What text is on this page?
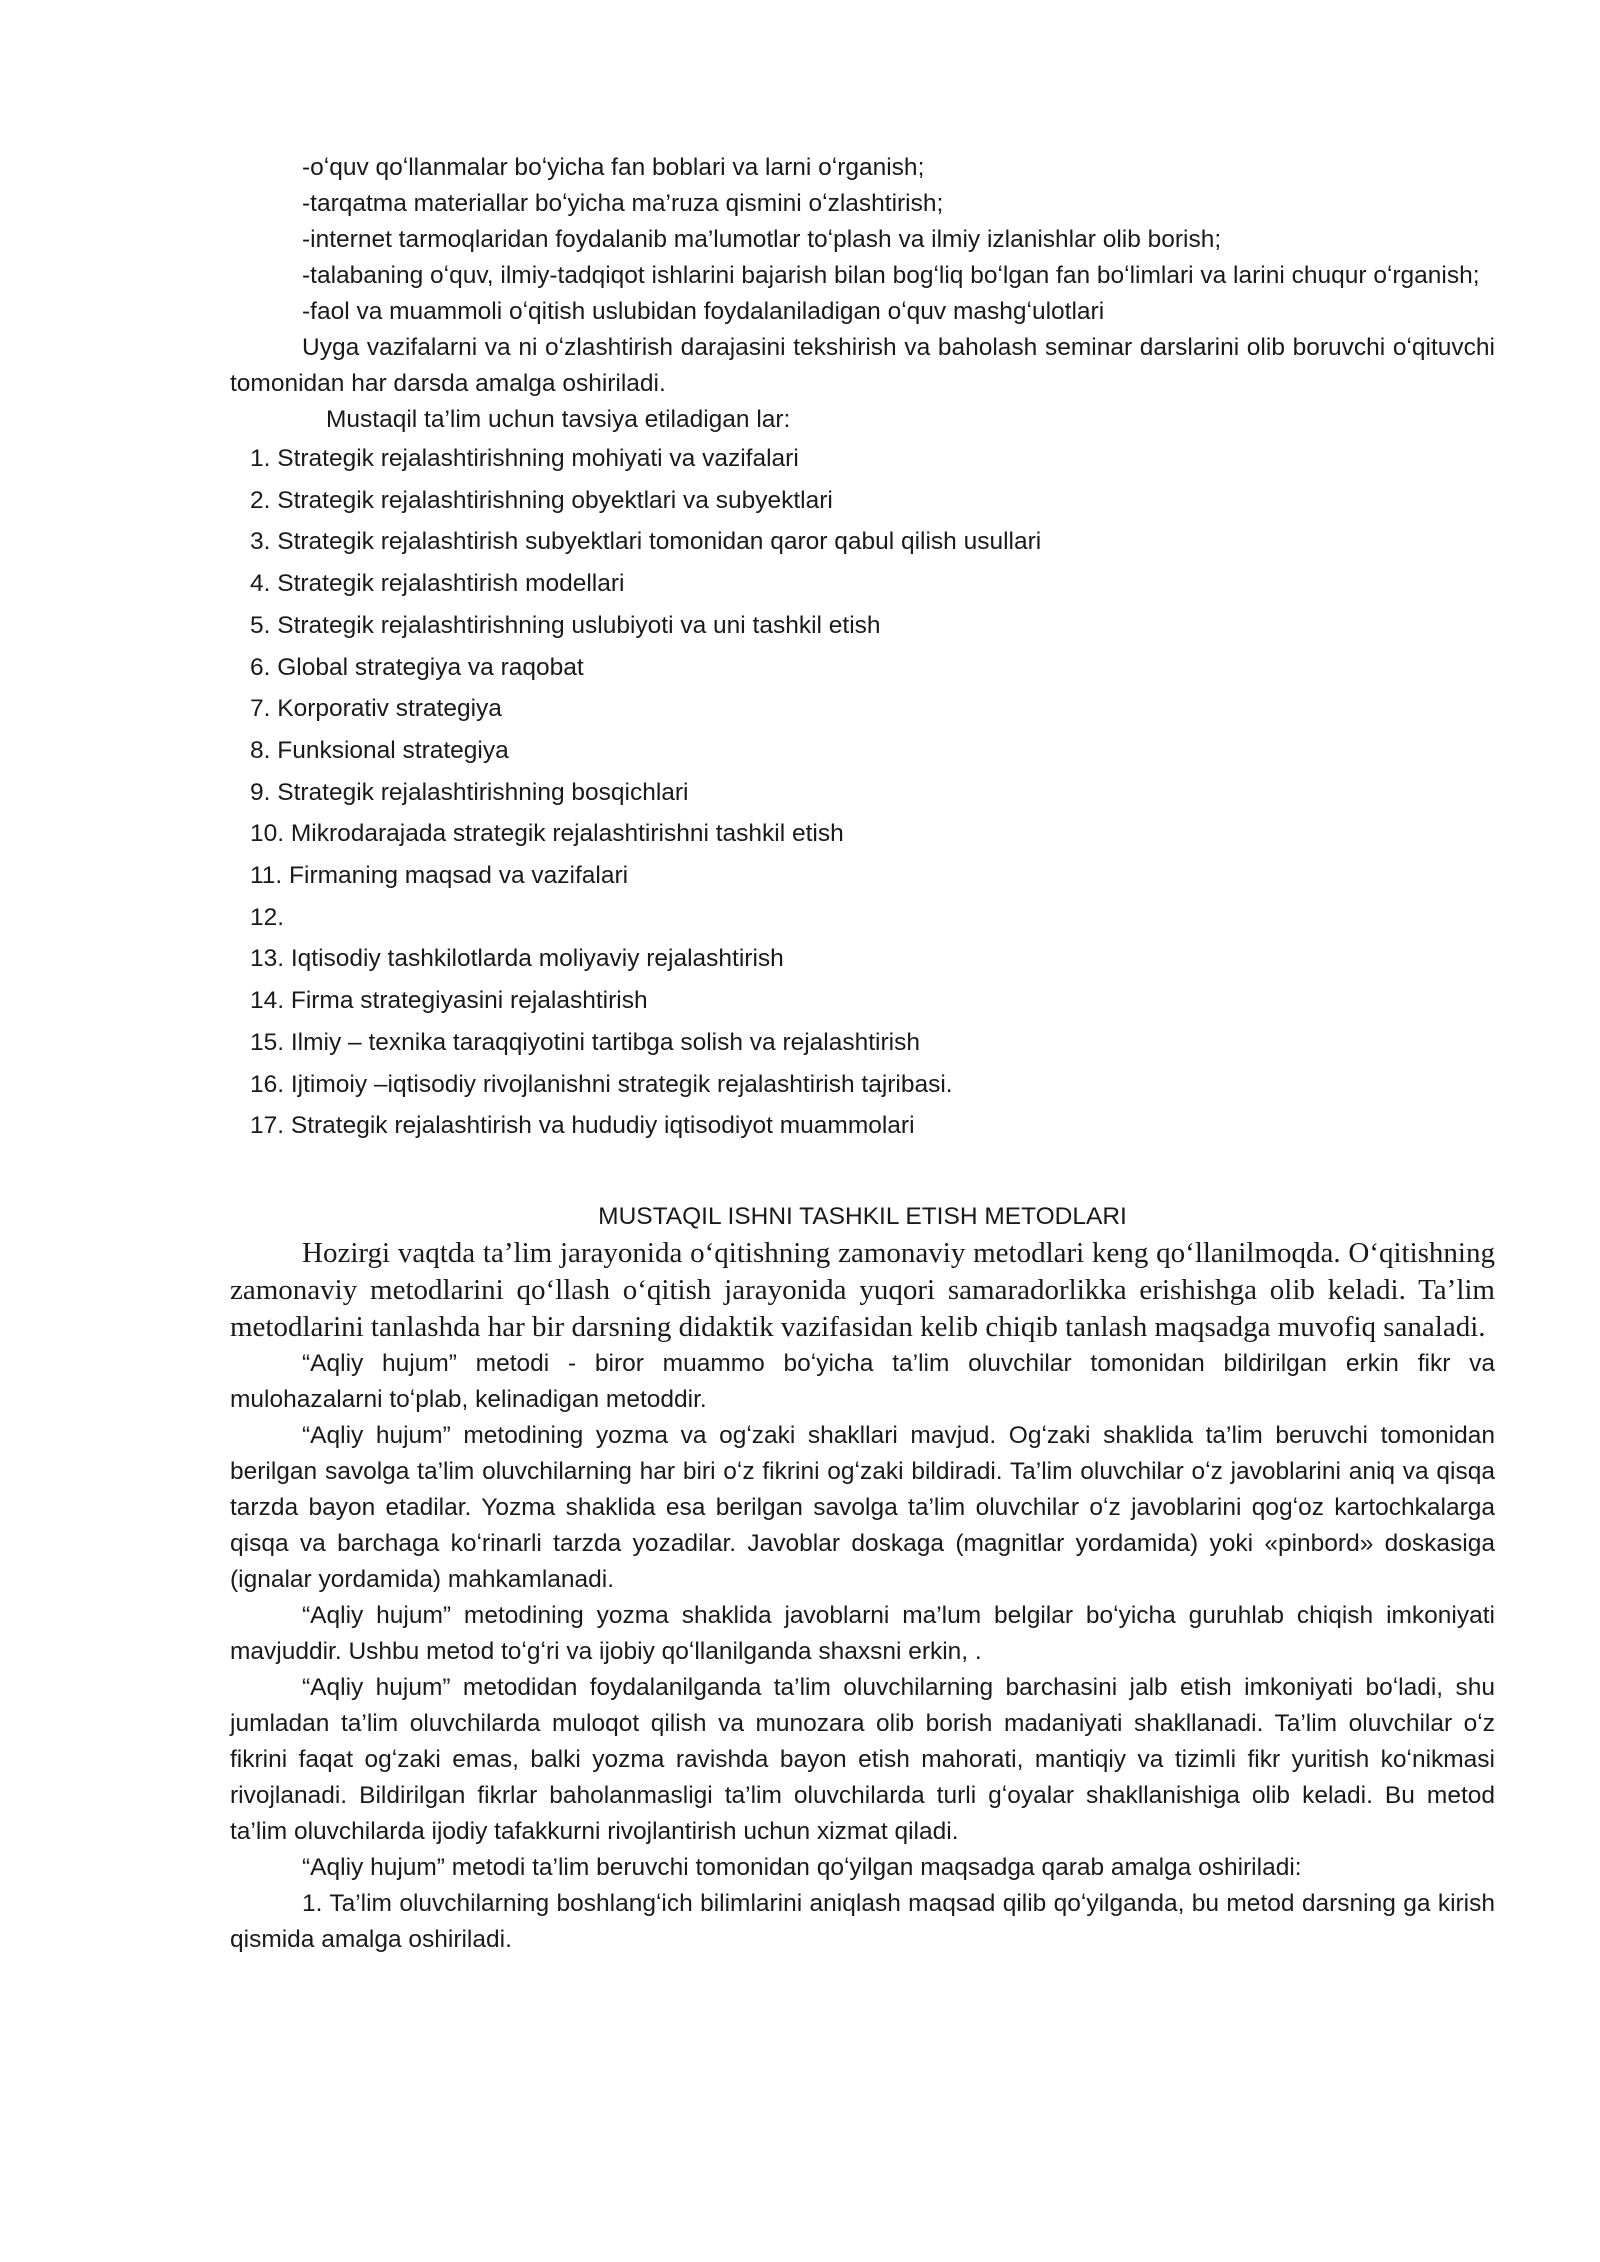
-oʻquv qoʻllanmalar boʻyicha fan boblari va larni oʻrganish;

-tarqatma materiallar boʻyicha ma’ruza qismini oʻzlashtirish;

-internet tarmoqlaridan foydalanib ma’lumotlar toʻplash va ilmiy izlanishlar olib borish;

-talabaning oʻquv, ilmiy-tadqiqot ishlarini bajarish bilan bogʻliq boʻlgan fan boʻlimlari va larini chuqur oʻrganish;

-faol va muammoli oʻqitish uslubidan foydalaniladigan oʻquv mashgʻulotlari

Uyga vazifalarni va ni oʻzlashtirish darajasini tekshirish va baholash seminar darslarini olib boruvchi oʻqituvchi tomonidan har darsda amalga oshiriladi.

Mustaqil ta’lim uchun tavsiya etiladigan lar:

1. Strategik rejalashtirishning mohiyati va vazifalari
2. Strategik rejalashtirishning obyektlari va subyektlari
3. Strategik rejalashtirish subyektlari tomonidan qaror qabul qilish usullari
4. Strategik rejalashtirish modellari
5. Strategik rejalashtirishning uslubiyoti va uni tashkil etish
6. Global strategiya va raqobat
7. Korporativ strategiya
8. Funksional strategiya
9. Strategik rejalashtirishning bosqichlari
10. Mikrodarajada strategik rejalashtirishni tashkil etish
11. Firmaning maqsad va vazifalari
12.
13. Iqtisodiy tashkilotlarda moliyaviy rejalashtirish
14. Firma strategiyasini rejalashtirish
15. Ilmiy – texnika taraqqiyotini tartibga solish va rejalashtirish
16. Ijtimoiy –iqtisodiy rivojlanishni strategik rejalashtirish tajribasi.
17. Strategik rejalashtirish va hududiy iqtisodiyot muammolari

MUSTAQIL ISHNI TASHKIL ETISH METODLARI

Hozirgi vaqtda ta’lim jarayonida oʻqitishning zamonaviy metodlari keng qoʻllanilmoqda. Oʻqitishning zamonaviy metodlarini qoʻllash oʻqitish jarayonida yuqori samaradorlikka erishishga olib keladi. Ta’lim metodlarini tanlashda har bir darsning didaktik vazifasidan kelib chiqib tanlash maqsadga muvofiq sanaladi.

“Aqliy hujum” metodi - biror muammo boʻyicha ta’lim oluvchilar tomonidan bildirilgan erkin fikr va mulohazalarni toʻplab, kelinadigan metoddir.

“Aqliy hujum” metodining yozma va ogʻzaki shakllari mavjud. Ogʻzaki shaklida ta’lim beruvchi tomonidan berilgan savolga ta’lim oluvchilarning har biri oʻz fikrini ogʻzaki bildiradi. Ta’lim oluvchilar oʻz javoblarini aniq va qisqa tarzda bayon etadilar. Yozma shaklida esa berilgan savolga ta’lim oluvchilar oʻz javoblarini qogʻoz kartochkalarga qisqa va barchaga koʻrinarli tarzda yozadilar. Javoblar doskaga (magnitlar yordamida) yoki «pinbord» doskasiga (ignalar yordamida) mahkamlanadi.

“Aqliy hujum” metodining yozma shaklida javoblarni ma’lum belgilar boʻyicha guruhlab chiqish imkoniyati mavjuddir. Ushbu metod toʻgʻri va ijobiy qoʻllanilganda shaxsni erkin, .

“Aqliy hujum” metodidan foydalanilganda ta’lim oluvchilarning barchasini jalb etish imkoniyati boʻladi, shu jumladan ta’lim oluvchilarda muloqot qilish va munozara olib borish madaniyati shakllanadi. Ta’lim oluvchilar oʻz fikrini faqat ogʻzaki emas, balki yozma ravishda bayon etish mahorati, mantiqiy va tizimli fikr yuritish koʻnikmasi rivojlanadi. Bildirilgan fikrlar baholanmasligi ta’lim oluvchilarda turli gʻoyalar shakllanishiga olib keladi. Bu metod ta’lim oluvchilarda ijodiy tafakkurni rivojlantirish uchun xizmat qiladi.

“Aqliy hujum” metodi ta’lim beruvchi tomonidan qoʻyilgan maqsadga qarab amalga oshiriladi:

1. Ta’lim oluvchilarning boshlangʻich bilimlarini aniqlash maqsad qilib qoʻyilganda, bu metod darsning ga kirish qismida amalga oshiriladi.
